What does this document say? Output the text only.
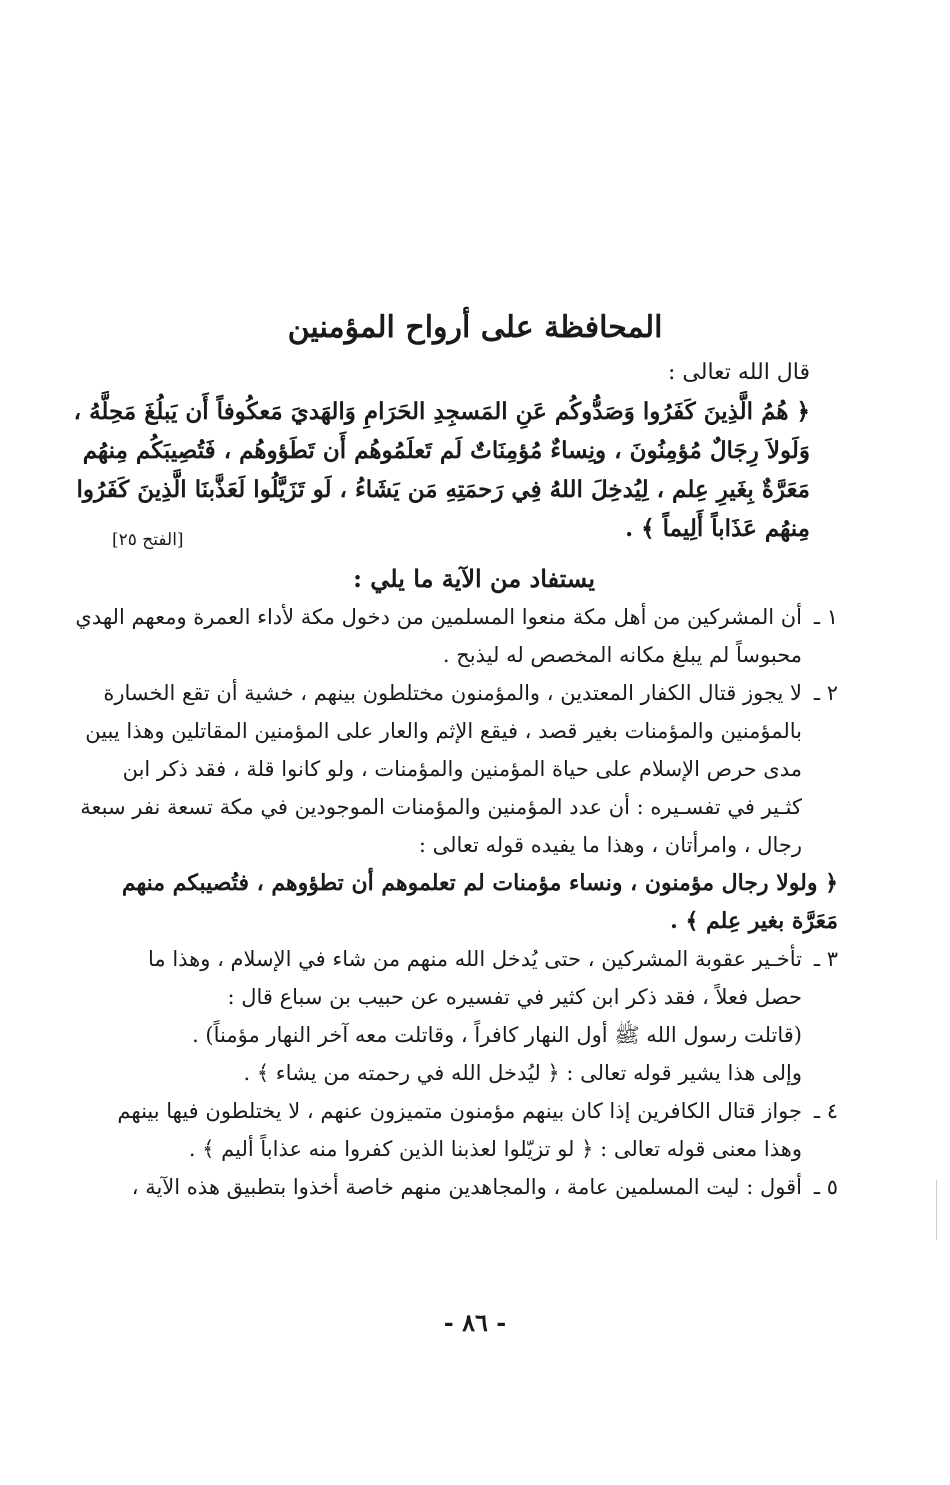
المحافظة على أرواح المؤمنين
قال الله تعالى :
﴿ هُمُ الَّذِينَ كَفَرُوا وَصَدُّوكُم عَنِ المَسجِدِ الحَرَامِ وَالهَديَ مَعكُوفاً أَن يَبلُغَ مَحِلَّهُ ،
وَلَولاَ رِجَالٌ مُؤمِنُونَ ، ونِساءٌ مُؤمِنَاتٌ لَم تَعلَمُوهُم أَن تَطَؤوهُم ، فَتُصِيبَكُم مِنهُم
مَعَرَّةٌ بِغَيرِ عِلم ، لِيُدخِلَ اللهُ فِي رَحمَتِهِ مَن يَشَاءُ ، لَو تَزَيَّلُوا لَعَذَّبنَا الَّذِينَ كَفَرُوا
مِنهُم عَذَاباً أَلِيماً ﴾ .
[الفتح ٢٥]
يستفاد من الآية ما يلي :
١ ـ
أن المشركين من أهل مكة منعوا المسلمين من دخول مكة لأداء العمرة ومعهم الهدي
محبوساً لم يبلغ مكانه المخصص له ليذبح .
٢ ـ
لا يجوز قتال الكفار المعتدين ، والمؤمنون مختلطون بينهم ، خشية أن تقع الخسارة
بالمؤمنين والمؤمنات بغير قصد ، فيقع الإثم والعار على المؤمنين المقاتلين وهذا يبين
مدى حرص الإسلام على حياة المؤمنين والمؤمنات ، ولو كانوا قلة ، فقد ذكر ابن
كثـير في تفسـيره : أن عدد المؤمنين والمؤمنات الموجودين في مكة تسعة نفر سبعة
رجال ، وامرأتان ، وهذا ما يفيده قوله تعالى :
﴿ ولولا رجال مؤمنون ، ونساء مؤمنات لم تعلموهم أن تطؤوهم ، فتُصيبكم منهم
مَعَرَّة بغير عِلم ﴾ .
٣ ـ
تأخـير عقوبة المشركين ، حتى يُدخل الله منهم من شاء في الإسلام ، وهذا ما
حصل فعلاً ، فقد ذكر ابن كثير في تفسيره عن حبيب بن سباع قال :
(قاتلت رسول الله ﷺ أول النهار كافراً ، وقاتلت معه آخر النهار مؤمناً) .
وإلى هذا يشير قوله تعالى : ﴿ ليُدخل الله في رحمته من يشاء ﴾ .
٤ ـ
جواز قتال الكافرين إذا كان بينهم مؤمنون متميزون عنهم ، لا يختلطون فيها بينهم
وهذا معنى قوله تعالى : ﴿ لو تزيّلوا لعذبنا الذين كفروا منه عذاباً أليم ﴾ .
٥ ـ
أقول : ليت المسلمين عامة ، والمجاهدين منهم خاصة أخذوا بتطبيق هذه الآية ،
- ٨٦ -
